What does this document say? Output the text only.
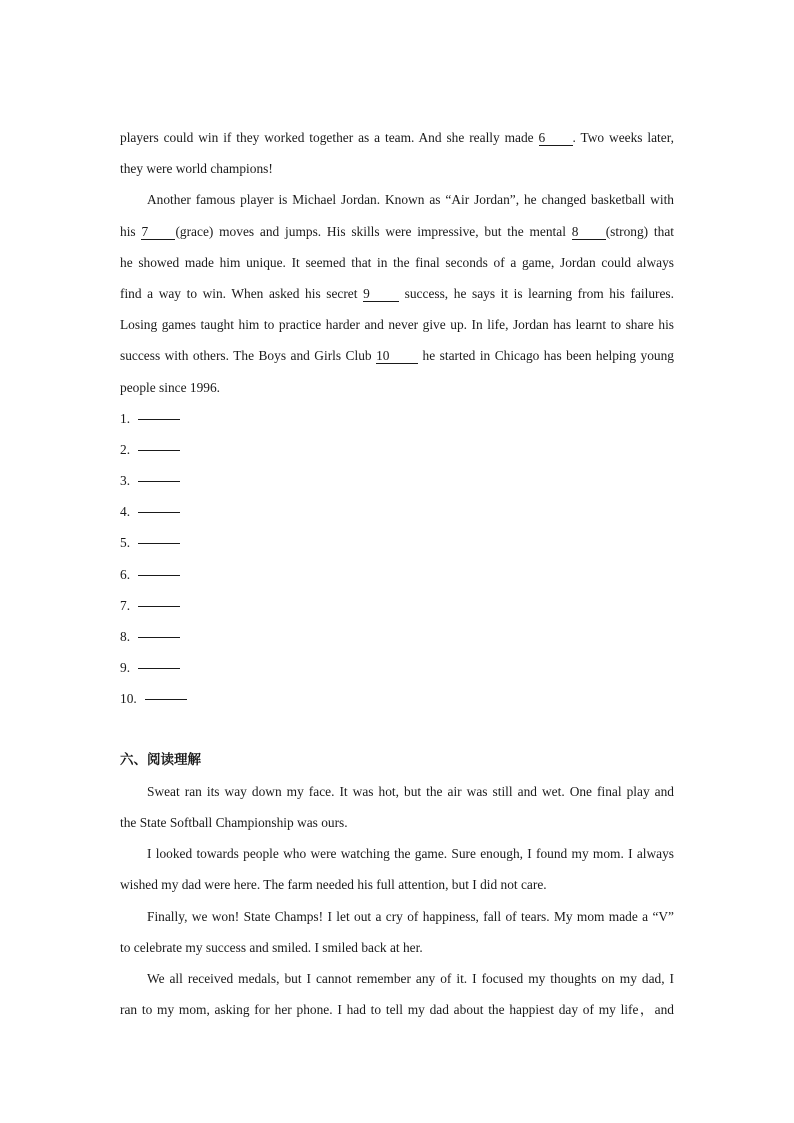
players could win if they worked together as a team. And she really made 6 . Two weeks later,
they were world champions!
Another famous player is Michael Jordan. Known as “Air Jordan”, he changed basketball with
his 7 (grace) moves and jumps. His skills were impressive, but the mental 8 (strong) that
he showed made him unique. It seemed that in the final seconds of a game, Jordan could always
find a way to win. When asked his secret 9 success, he says it is learning from his failures.
Losing games taught him to practice harder and never give up. In life, Jordan has learnt to share his
success with others. The Boys and Girls Club 10 he started in Chicago has been helping young
people since 1996.
1.
2.
3.
4.
5.
6.
7.
8.
9.
10.
六、阅读理解
Sweat ran its way down my face. It was hot, but the air was still and wet. One final play and
the State Softball Championship was ours.
I looked towards people who were watching the game. Sure enough, I found my mom. I always
wished my dad were here. The farm needed his full attention, but I did not care.
Finally, we won! State Champs! I let out a cry of happiness, fall of tears. My mom made a “V”
to celebrate my success and smiled. I smiled back at her.
We all received medals, but I cannot remember any of it. I focused my thoughts on my dad, I
ran to my mom, asking for her phone. I had to tell my dad about the happiest day of my life，and
